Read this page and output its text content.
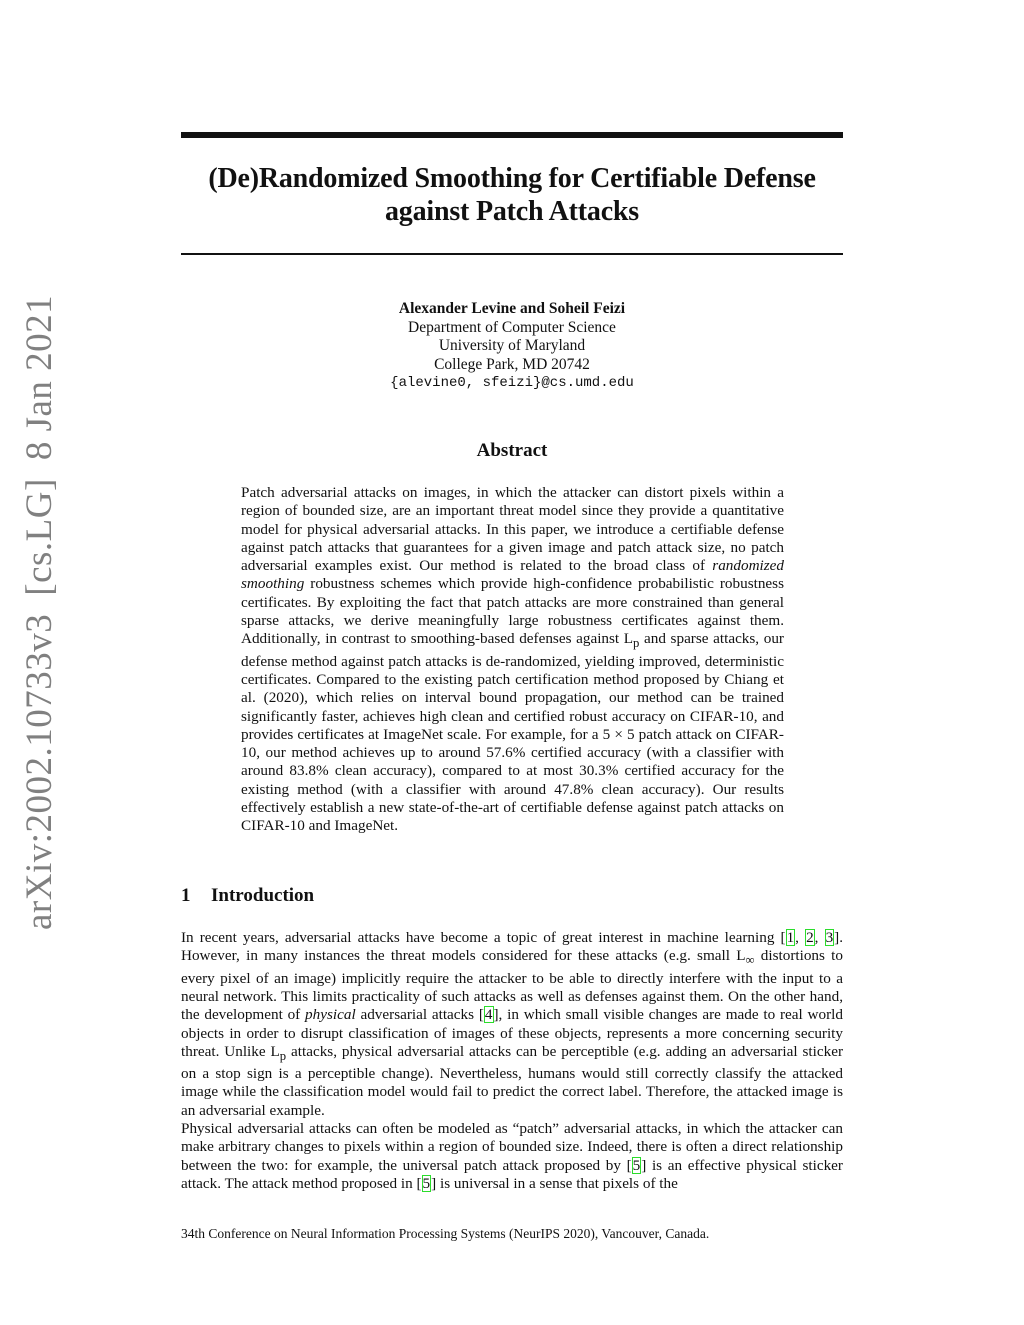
arXiv:2002.10733v3[cs.LG]8 Jan 2021
(De)Randomized Smoothing for Certifiable Defense
against Patch Attacks
Alexander Levine and Soheil Feizi
Department of Computer Science
University of Maryland
College Park, MD 20742
{alevine0, sfeizi}@cs.umd.edu
Abstract

Patch adversarial attacks on images, in which the attacker can distort pixels within a region of bounded size, are an important threat model since they provide a quantitative model for physical adversarial attacks. In this paper, we introduce a certifiable defense against patch attacks that guarantees for a given image and patch attack size, no patch adversarial examples exist. Our method is related to the broad class of randomized smoothing robustness schemes which provide high-confidence probabilistic robustness certificates. By exploiting the fact that patch attacks are more constrained than general sparse attacks, we derive meaningfully large robustness certificates against them. Additionally, in contrast to smoothing-based defenses against $L_p$ and sparse attacks, our defense method against patch attacks is de-randomized, yielding improved, deterministic certificates. Compared to the existing patch certification method proposed by Chiang et al. (2020), which relies on interval bound propagation, our method can be trained significantly faster, achieves high clean and certified robust accuracy on CIFAR-10, and provides certificates at ImageNet scale. For example, for a 5 × 5 patch attack on CIFAR-10, our method achieves up to around 57.6% certified accuracy (with a classifier with around 83.8% clean accuracy), compared to at most 30.3% certified accuracy for the existing method (with a classifier with around 47.8% clean accuracy). Our results effectively establish a new state-of-the-art of certifiable defense against patch attacks on CIFAR-10 and ImageNet.

1 Introduction

In recent years, adversarial attacks have become a topic of great interest in machine learning [1, 2, 3]. However, in many instances the threat models considered for these attacks (e.g. small $L_\infty$ distortions to every pixel of an image) implicitly require the attacker to be able to directly interfere with the input to a neural network. This limits practicality of such attacks as well as defenses against them. On the other hand, the development of physical adversarial attacks [4], in which small visible changes are made to real world objects in order to disrupt classification of images of these objects, represents a more concerning security threat. Unlike $L_p$ attacks, physical adversarial attacks can be perceptible (e.g. adding an adversarial sticker on a stop sign is a perceptible change). Nevertheless, humans would still correctly classify the attacked image while the classification model would fail to predict the correct label. Therefore, the attacked image is an adversarial example.

Physical adversarial attacks can often be modeled as “patch” adversarial attacks, in which the attacker can make arbitrary changes to pixels within a region of bounded size. Indeed, there is often a direct relationship between the two: for example, the universal patch attack proposed by [5] is an effective physical sticker attack. The attack method proposed in [5] is universal in a sense that pixels of the

34th Conference on Neural Information Processing Systems (NeurIPS 2020), Vancouver, Canada.
